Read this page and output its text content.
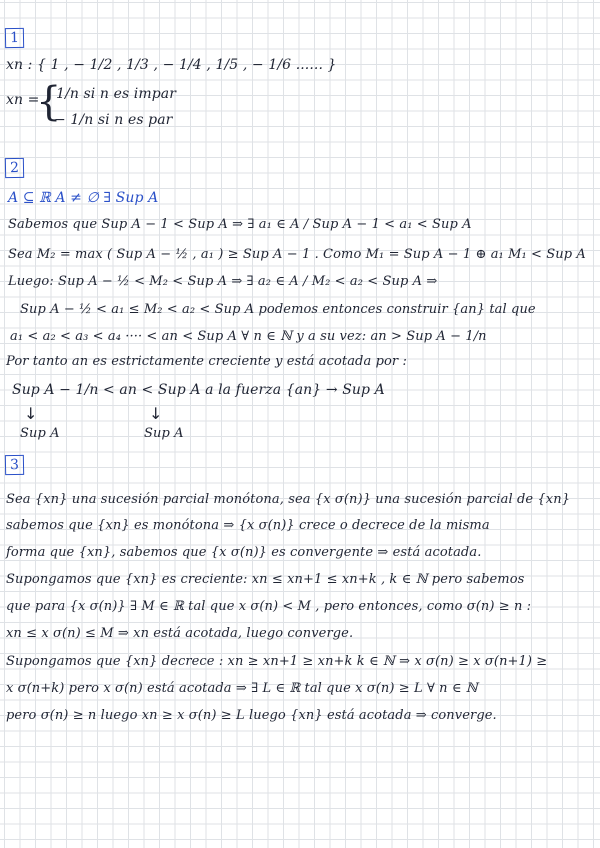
1
xn : { 1 , − 1/2 , 1/3 , − 1/4 , 1/5 , − 1/6 ...... }
xn =
{
1/n si n es impar
− 1/n si n es par
2
A ⊆ ℝ A ≠ ∅ ∃ Sup A
Sabemos que Sup A − 1 < Sup A ⇒ ∃ a₁ ∈ A / Sup A − 1 < a₁ < Sup A
Sea M₂ = max ( Sup A − ½ , a₁ ) ≥ Sup A − 1 . Como M₁ = Sup A − 1 ⊕ a₁ M₁ < Sup A
Luego: Sup A − ½ < M₂ < Sup A ⇒ ∃ a₂ ∈ A / M₂ < a₂ < Sup A ⇒
Sup A − ½ < a₁ ≤ M₂ < a₂ < Sup A podemos entonces construir {an} tal que
a₁ < a₂ < a₃ < a₄ ···· < an < Sup A ∀ n ∈ ℕ y a su vez: an > Sup A − 1/n
Por tanto an es estrictamente creciente y está acotada por :
Sup A − 1/n < an < Sup A a la fuerza {an} → Sup A
↓	↓
Sup A	Sup A
3
Sea {xn} una sucesión parcial monótona, sea {x σ(n)} una sucesión parcial de {xn}
sabemos que {xn} es monótona ⇒ {x σ(n)} crece o decrece de la misma
forma que {xn}, sabemos que {x σ(n)} es convergente ⇒ está acotada.
Supongamos que {xn} es creciente: xn ≤ xn+1 ≤ xn+k , k ∈ ℕ pero sabemos
que para {x σ(n)} ∃ M ∈ ℝ tal que x σ(n) < M , pero entonces, como σ(n) ≥ n :
xn ≤ x σ(n) ≤ M ⇒ xn está acotada, luego converge.
Supongamos que {xn} decrece : xn ≥ xn+1 ≥ xn+k k ∈ ℕ ⇒ x σ(n) ≥ x σ(n+1) ≥
x σ(n+k) pero x σ(n) está acotada ⇒ ∃ L ∈ ℝ tal que x σ(n) ≥ L ∀ n ∈ ℕ
pero σ(n) ≥ n luego xn ≥ x σ(n) ≥ L luego {xn} está acotada ⇒ converge.
